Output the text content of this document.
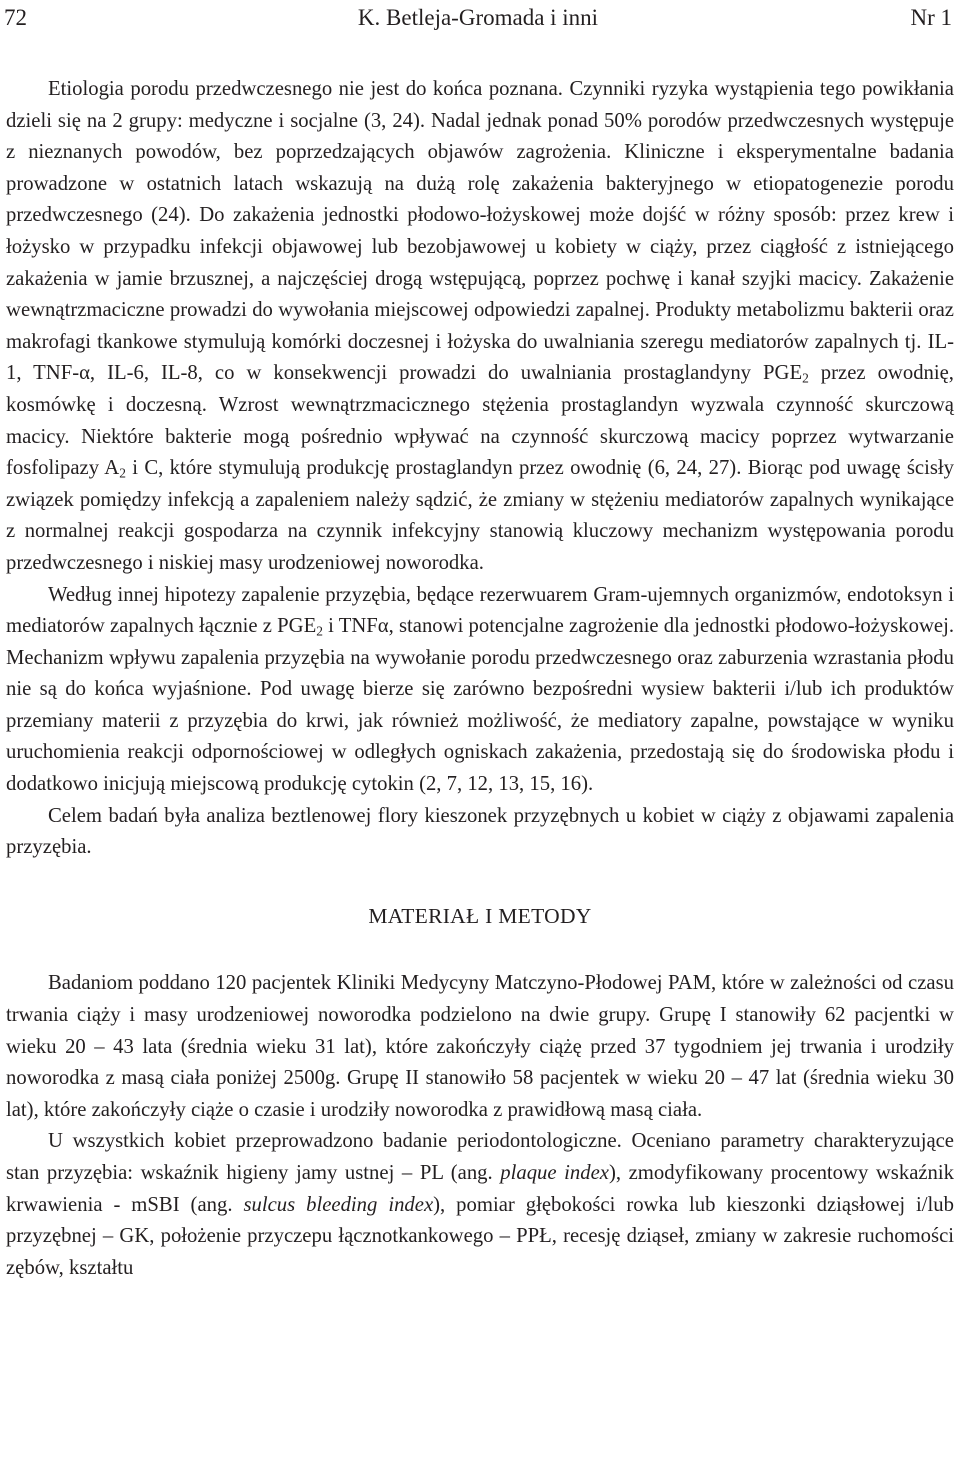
72	K. Betleja-Gromada i inni	Nr 1

Etiologia porodu przedwczesnego nie jest do końca poznana. Czynniki ryzyka wystąpienia tego powikłania dzieli się na 2 grupy: medyczne i socjalne (3, 24). Nadal jednak ponad 50% porodów przedwczesnych występuje z nieznanych powodów, bez poprzedzających objawów zagrożenia. Kliniczne i eksperymentalne badania prowadzone w ostatnich latach wskazują na dużą rolę zakażenia bakteryjnego w etiopatogenezie porodu przedwczesnego (24). Do zakażenia jednostki płodowo-łożyskowej może dojść w różny sposób: przez krew i łożysko w przypadku infekcji objawowej lub bezobjawowej u kobiety w ciąży, przez ciągłość z istniejącego zakażenia w jamie brzusznej, a najczęściej drogą wstępującą, poprzez pochwę i kanał szyjki macicy. Zakażenie wewnątrzmaciczne prowadzi do wywołania miejscowej odpowiedzi zapalnej. Produkty metabolizmu bakterii oraz makrofagi tkankowe stymulują komórki doczesnej i łożyska do uwalniania szeregu mediatorów zapalnych tj. IL-1, TNF-α, IL-6, IL-8, co w konsekwencji prowadzi do uwalniania prostaglandyny $PGE_2$ przez owodnię, kosmówkę i doczesną. Wzrost wewnątrzmacicznego stężenia prostaglandyn wyzwala czynność skurczową macicy. Niektóre bakterie mogą pośrednio wpływać na czynność skurczową macicy poprzez wytwarzanie fosfolipazy $A_2$ i C, które stymulują produkcję prostaglandyn przez owodnię (6, 24, 27). Biorąc pod uwagę ścisły związek pomiędzy infekcją a zapaleniem należy sądzić, że zmiany w stężeniu mediatorów zapalnych wynikające z normalnej reakcji gospodarza na czynnik infekcyjny stanowią kluczowy mechanizm występowania porodu przedwczesnego i niskiej masy urodzeniowej noworodka.

Według innej hipotezy zapalenie przyzębia, będące rezerwuarem Gram-ujemnych organizmów, endotoksyn i mediatorów zapalnych łącznie z $PGE_2$ i TNFα, stanowi potencjalne zagrożenie dla jednostki płodowo-łożyskowej. Mechanizm wpływu zapalenia przyzębia na wywołanie porodu przedwczesnego oraz zaburzenia wzrastania płodu nie są do końca wyjaśnione. Pod uwagę bierze się zarówno bezpośredni wysiew bakterii i/lub ich produktów przemiany materii z przyzębia do krwi, jak również możliwość, że mediatory zapalne, powstające w wyniku uruchomienia reakcji odpornościowej w odległych ogniskach zakażenia, przedostają się do środowiska płodu i dodatkowo inicjują miejscową produkcję cytokin (2, 7, 12, 13, 15, 16).

Celem badań była analiza beztlenowej flory kieszonek przyzębnych u kobiet w ciąży z objawami zapalenia przyzębia.

MATERIAŁ I METODY

Badaniom poddano 120 pacjentek Kliniki Medycyny Matczyno-Płodowej PAM, które w zależności od czasu trwania ciąży i masy urodzeniowej noworodka podzielono na dwie grupy. Grupę I stanowiły 62 pacjentki w wieku 20 – 43 lata (średnia wieku 31 lat), które zakończyły ciążę przed 37 tygodniem jej trwania i urodziły noworodka z masą ciała poniżej 2500g. Grupę II stanowiło 58 pacjentek w wieku 20 – 47 lat (średnia wieku 30 lat), które zakończyły ciąże o czasie i urodziły noworodka z prawidłową masą ciała.

U wszystkich kobiet przeprowadzono badanie periodontologiczne. Oceniano parametry charakteryzujące stan przyzębia: wskaźnik higieny jamy ustnej – PL (ang. plaque index), zmodyfikowany procentowy wskaźnik krwawienia - mSBI (ang. sulcus bleeding index), pomiar głębokości rowka lub kieszonki dziąsłowej i/lub przyzębnej – GK, położenie przyczepu łącznotkankowego – PPŁ, recesję dziąseł, zmiany w zakresie ruchomości zębów, kształtu
